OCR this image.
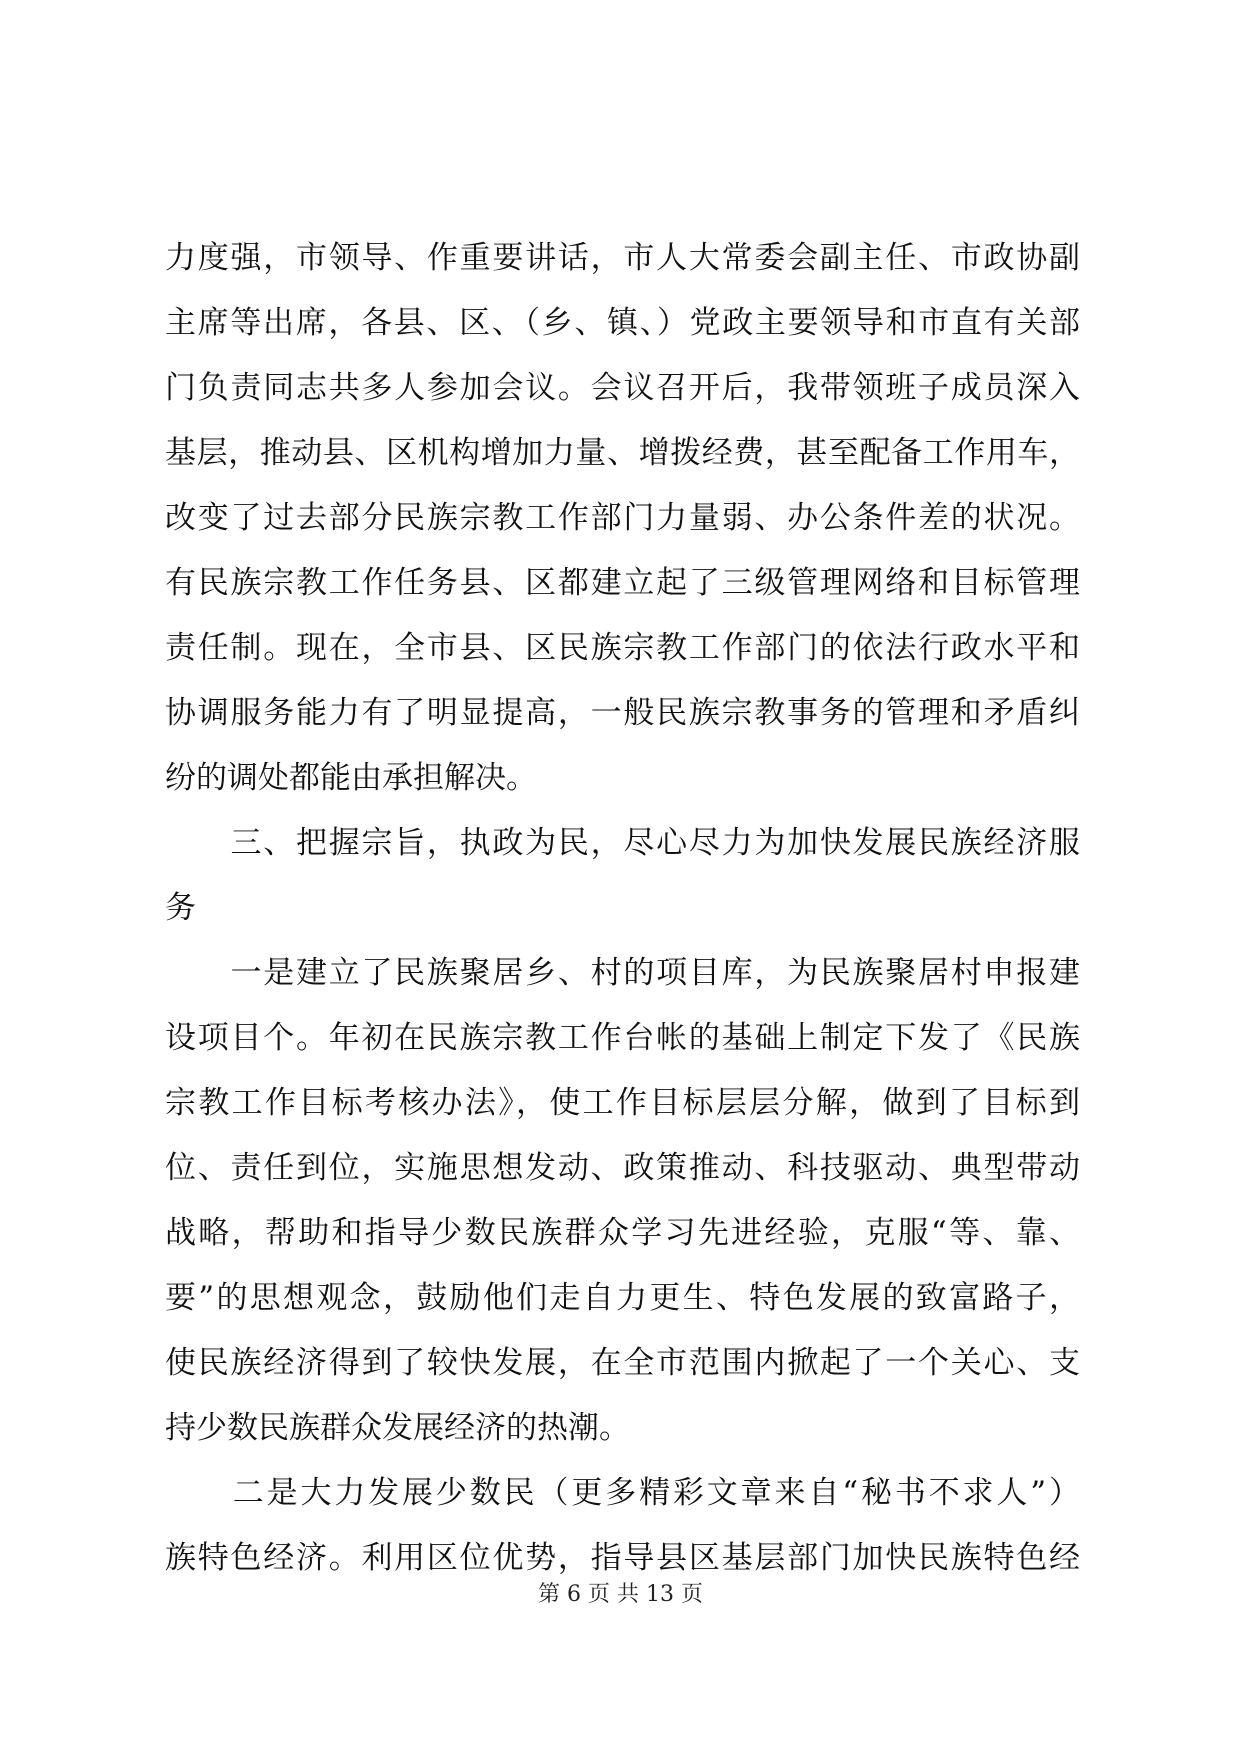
力度强，市领导、作重要讲话，市人大常委会副主任、市政协副
主席等出席，各县、区、（乡、镇、）党政主要领导和市直有关部
门负责同志共多人参加会议。会议召开后，我带领班子成员深入
基层，推动县、区机构增加力量、增拨经费，甚至配备工作用车，
改变了过去部分民族宗教工作部门力量弱、办公条件差的状况。
有民族宗教工作任务县、区都建立起了三级管理网络和目标管理
责任制。现在，全市县、区民族宗教工作部门的依法行政水平和
协调服务能力有了明显提高，一般民族宗教事务的管理和矛盾纠
纷的调处都能由承担解决。
　　三、把握宗旨，执政为民，尽心尽力为加快发展民族经济服
务
　　一是建立了民族聚居乡、村的项目库，为民族聚居村申报建
设项目个。年初在民族宗教工作台帐的基础上制定下发了《民族
宗教工作目标考核办法》，使工作目标层层分解，做到了目标到
位、责任到位，实施思想发动、政策推动、科技驱动、典型带动
战略，帮助和指导少数民族群众学习先进经验，克服“等、靠、
要”的思想观念，鼓励他们走自力更生、特色发展的致富路子，
使民族经济得到了较快发展，在全市范围内掀起了一个关心、支
持少数民族群众发展经济的热潮。
　　二是大力发展少数民（更多精彩文章来自“秘书不求人”）
族特色经济。利用区位优势，指导县区基层部门加快民族特色经
第 6 页 共 13 页
